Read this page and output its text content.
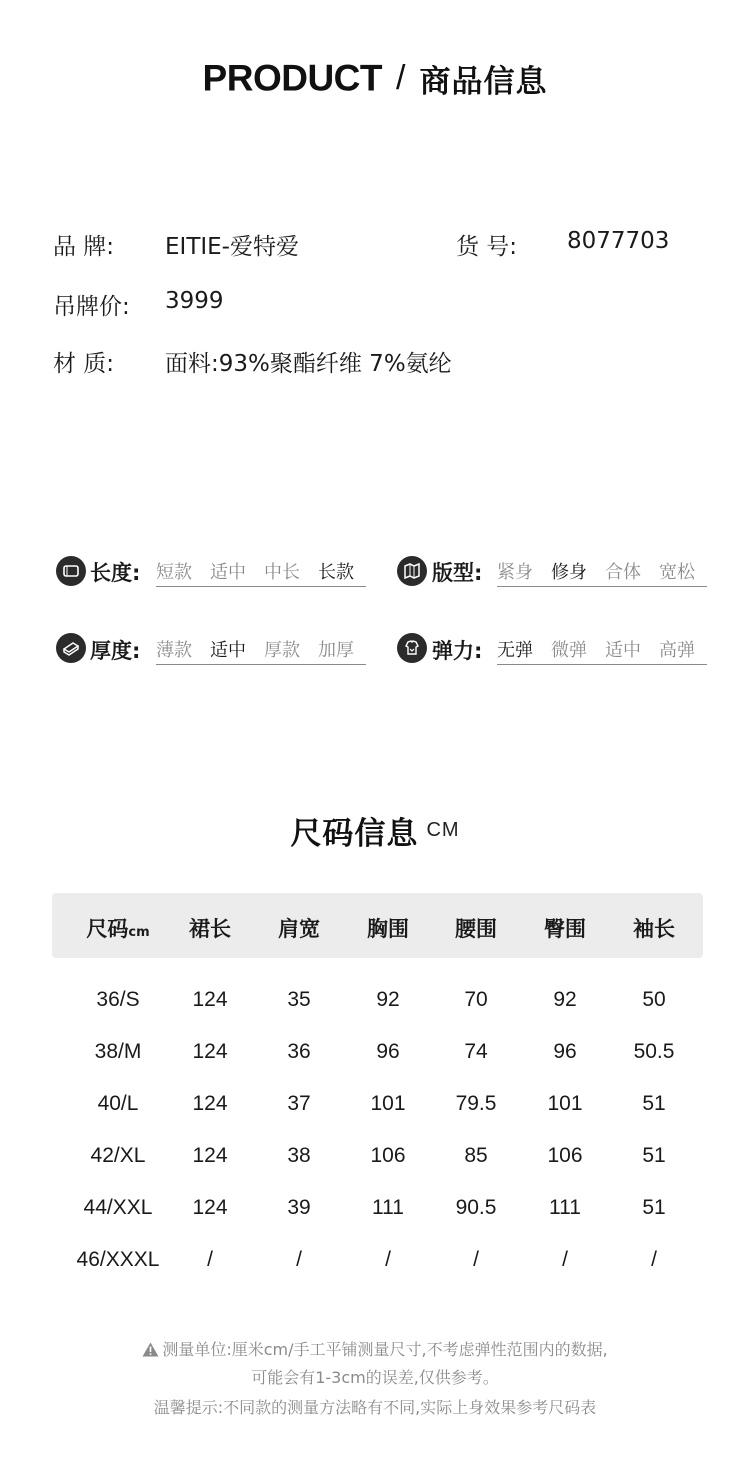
PRODUCT / 商品信息
品 牌: EITIE-爱特爱	货 号: 8077703
吊牌价: 3999
材 质: 面料:93%聚酯纤维 7%氨纶
长度: 短款 适中 中长 长款	版型: 紧身 修身 合体 宽松
厚度: 薄款 适中 厚款 加厚	弹力: 无弹 微弹 适中 高弹
尺码信息 CM
尺码cm 裙长 肩宽 胸围 腰围 臀围 袖长
36/S	124	35	92	70	92	50
38/M 124	36	96	74	96	50.5
40/L	124	37	101 79.5 101	51
42/XL 124	38	106	85	106	51
44/XXL 124	39	111 90.5	111	51
46/XXXL /	/	/	/	/	/
测量单位:厘米cm/手工平铺测量尺寸,不考虑弹性范围内的数据,
可能会有1-3cm的误差,仅供参考。
温馨提示:不同款的测量方法略有不同,实际上身效果参考尺码表
